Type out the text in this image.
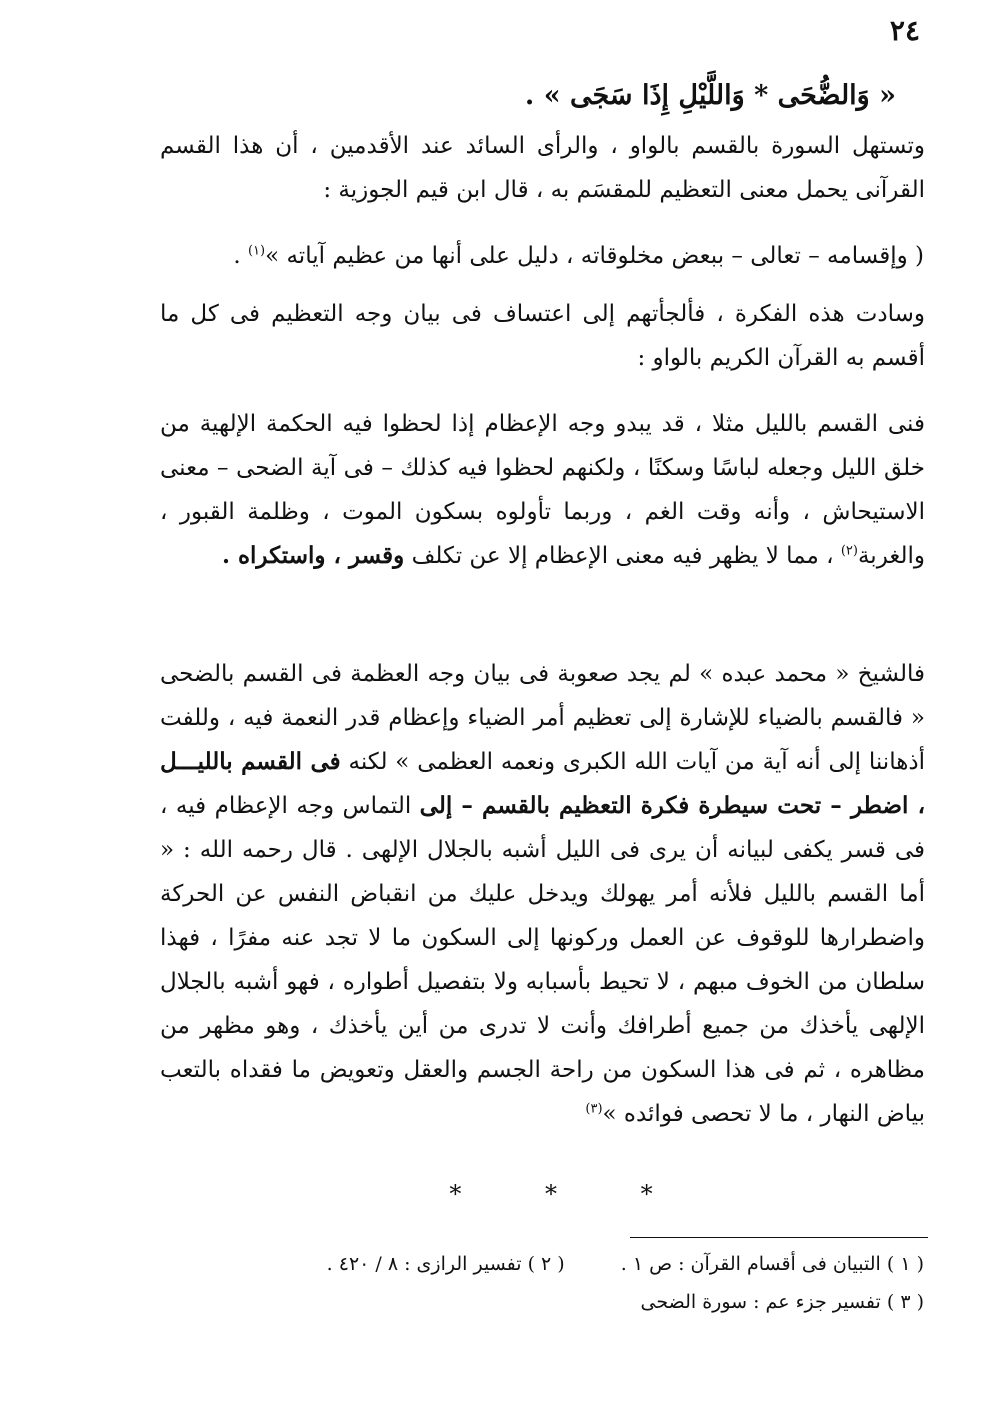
٢٤
« وَالضُّحَى * وَاللَّيْلِ إِذَا سَجَى » .
وتستهل السورة بالقسم بالواو ، والرأى السائد عند الأقدمين ، أن هذا القسم القرآنى يحمل معنى التعظيم للمقسَم به ، قال ابن قيم الجوزية :
( وإقسامه – تعالى – ببعض مخلوقاته ، دليل على أنها من عظيم آياته »$^{(١)}$ .
وسادت هذه الفكرة ، فألجأتهم إلى اعتساف فى بيان وجه التعظيم فى كل ما أقسم به القرآن الكريم بالواو :
فنى القسم بالليل مثلا ، قد يبدو وجه الإعظام إذا لحظوا فيه الحكمة الإلهية من خلق الليل وجعله لباسًا وسكنًا ، ولكنهم لحظوا فيه كذلك – فى آية الضحى – معنى الاستيحاش ، وأنه وقت الغم ، وربما تأولوه بسكون الموت ، وظلمة القبور ، والغربة$^{(٢)}$ ، مما لا يظهر فيه معنى الإعظام إلا عن تكلف وقسر ، واستكراه .
فالشيخ « محمد عبده » لم يجد صعوبة فى بيان وجه العظمة فى القسم بالضحى « فالقسم بالضياء للإشارة إلى تعظيم أمر الضياء وإعظام قدر النعمة فيه ، وللفت أذهاننا إلى أنه آية من آيات الله الكبرى ونعمه العظمى » لكنه فى القسم بالليـــل ، اضطر – تحت سيطرة فكرة التعظيم بالقسم – إلى التماس وجه الإعظام فيه ، فى قسر يكفى لبيانه أن يرى فى الليل أشبه بالجلال الإلهى . قال رحمه الله : « أما القسم بالليل فلأنه أمر يهولك ويدخل عليك من انقباض النفس عن الحركة واضطرارها للوقوف عن العمل وركونها إلى السكون ما لا تجد عنه مفرًا ، فهذا سلطان من الخوف مبهم ، لا تحيط بأسبابه ولا بتفصيل أطواره ، فهو أشبه بالجلال الإلهى يأخذك من جميع أطرافك وأنت لا تدرى من أين يأخذك ، وهو مظهر من مظاهره ، ثم فى هذا السكون من راحة الجسم والعقل وتعويض ما فقداه بالتعب بياض النهار ، ما لا تحصى فوائده »$^{(٣)}$
* * *
( ١ ) التبيان فى أقسام القرآن : ص ١ .( ٢ ) تفسير الرازى : ٨ / ٤٢٠ .
( ٣ ) تفسير جزء عم : سورة الضحى
